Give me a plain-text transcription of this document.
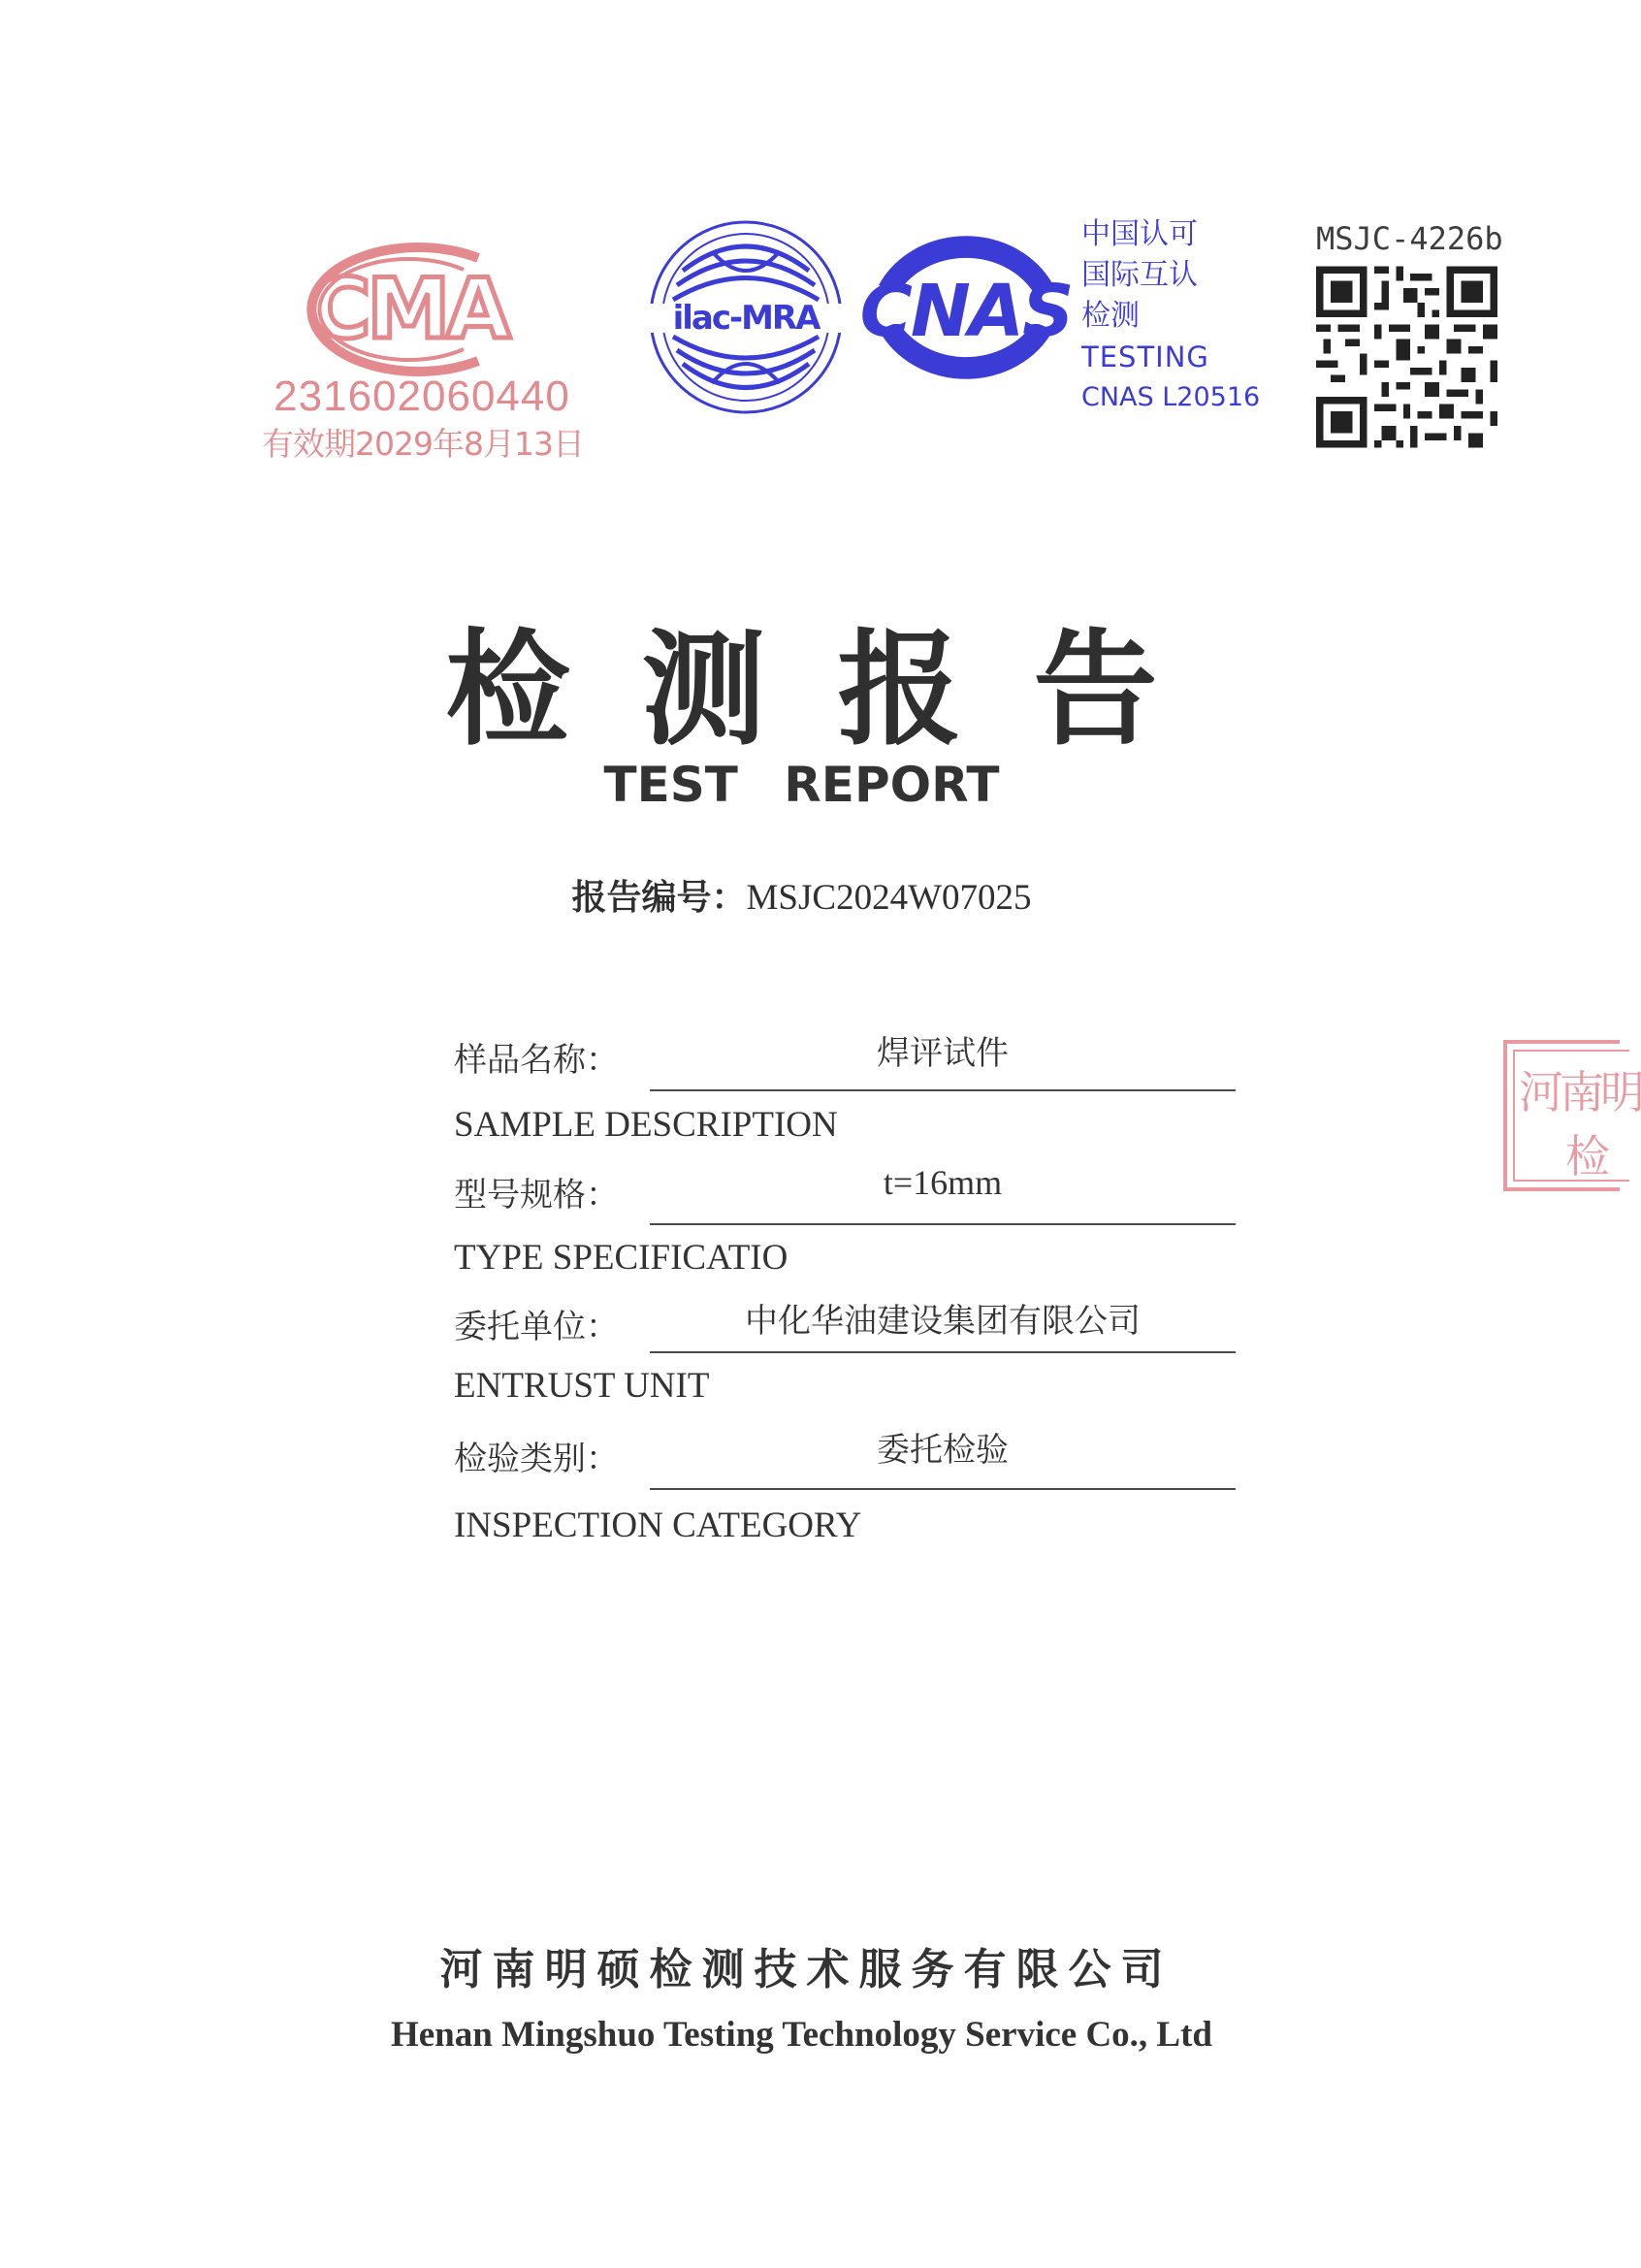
CMA
231602060440
有效期2029年8月13日
ilac-MRA CNAS
中国认可
国际互认
检测
TESTING
CNAS L20516
MSJC-4226b
检测报告
TEST REPORT
报告编号：MSJC2024W07025
样品名称：	焊评试件
SAMPLE DESCRIPTION
型号规格：	t=16mm
TYPE SPECIFICATIO
委托单位：	中化华油建设集团有限公司
ENTRUST UNIT
检验类别：	委托检验
INSPECTION CATEGORY
河南明
检
河南明硕检测技术服务有限公司
Henan Mingshuo Testing Technology Service Co., Ltd
